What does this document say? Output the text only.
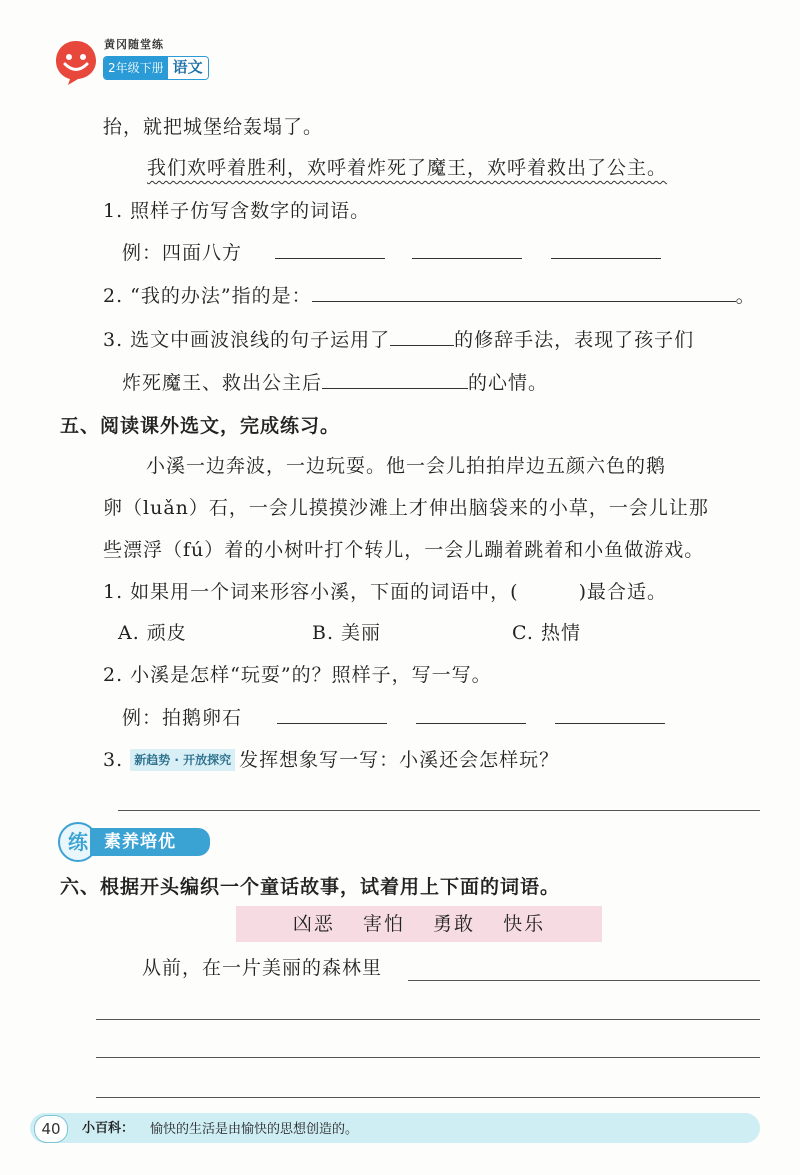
黄冈随堂练
2年级下册 语文
抬，就把城堡给轰塌了。
我们欢呼着胜利，欢呼着炸死了魔王，欢呼着救出了公主。
1. 照样子仿写含数字的词语。
例：四面八方
2. “我的办法”指的是：	。
3. 选文中画波浪线的句子运用了	的修辞手法，表现了孩子们
炸死魔王、救出公主后	的心情。
五、阅读课外选文，完成练习。
小溪一边奔波，一边玩耍。他一会儿拍拍岸边五颜六色的鹅
卵（luǎn）石，一会儿摸摸沙滩上才伸出脑袋来的小草，一会儿让那
些漂浮（fú）着的小树叶打个转儿，一会儿蹦着跳着和小鱼做游戏。
1. 如果用一个词来形容小溪，下面的词语中，(　　　)最合适。
A. 顽皮	B. 美丽	C. 热情
2. 小溪是怎样“玩耍”的？照样子，写一写。
例：拍鹅卵石
3. 新趋势 · 开放探究 发挥想象写一写：小溪还会怎样玩？
练 素养培优
六、根据开头编织一个童话故事，试着用上下面的词语。
凶恶 害怕 勇敢 快乐
从前，在一片美丽的森林里
40	小百科： 愉快的生活是由愉快的思想创造的。
